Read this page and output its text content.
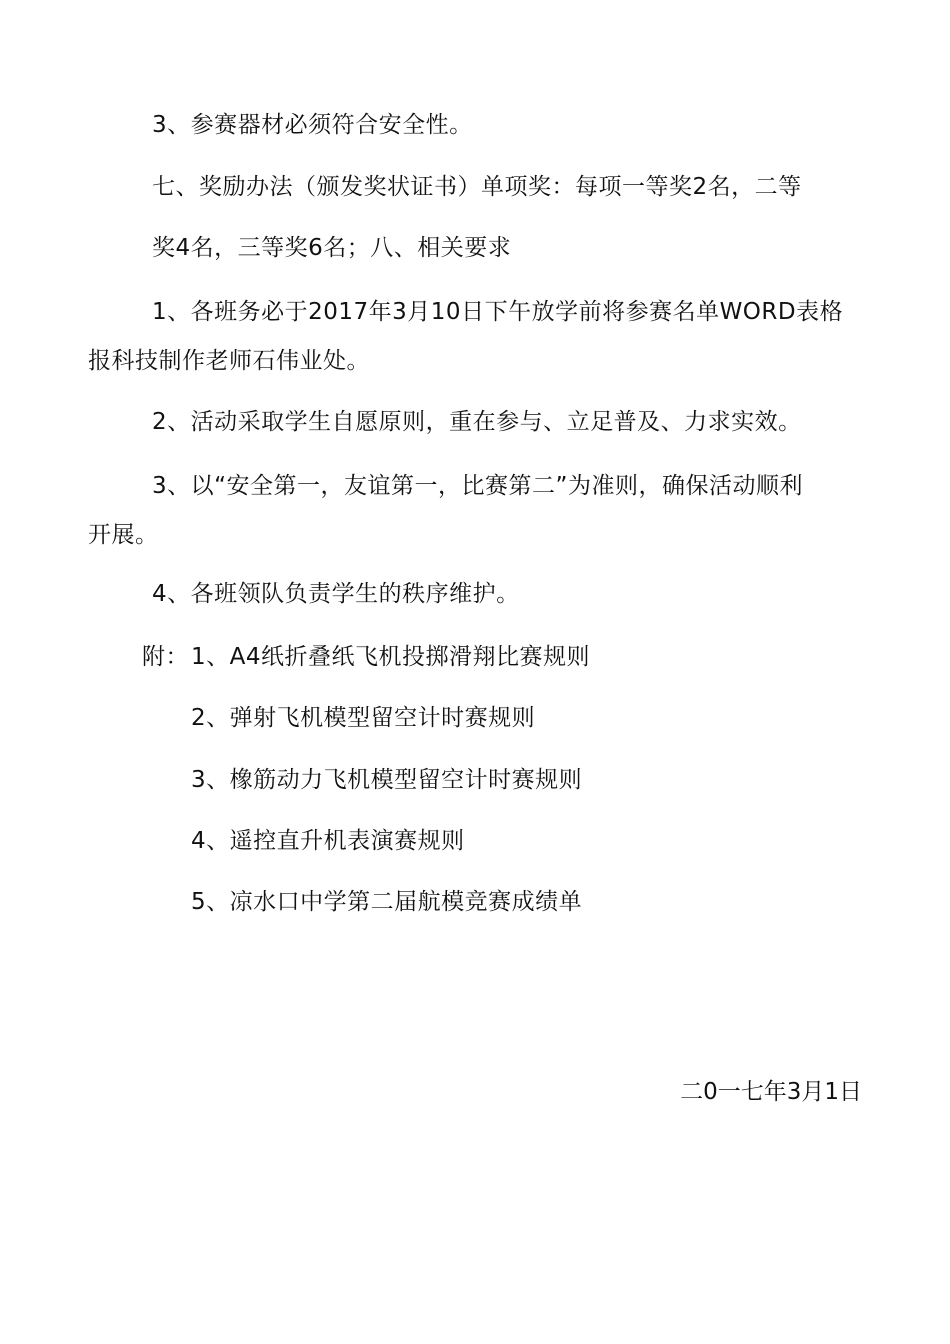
3、参赛器材必须符合安全性。
七、奖励办法（颁发奖状证书）单项奖：每项一等奖2名，二等
奖4名，三等奖6名；八、相关要求
1、各班务必于2017年3月10日下午放学前将参赛名单WORD表格
报科技制作老师石伟业处。
2、活动采取学生自愿原则，重在参与、立足普及、力求实效。
3、以“安全第一，友谊第一，比赛第二”为准则，确保活动顺利
开展。
4、各班领队负责学生的秩序维护。
附： 1、A4纸折叠纸飞机投掷滑翔比赛规则
2、弹射飞机模型留空计时赛规则
3、橡筋动力飞机模型留空计时赛规则
4、遥控直升机表演赛规则
5、凉水口中学第二届航模竞赛成绩单
二0一七年3月1日
